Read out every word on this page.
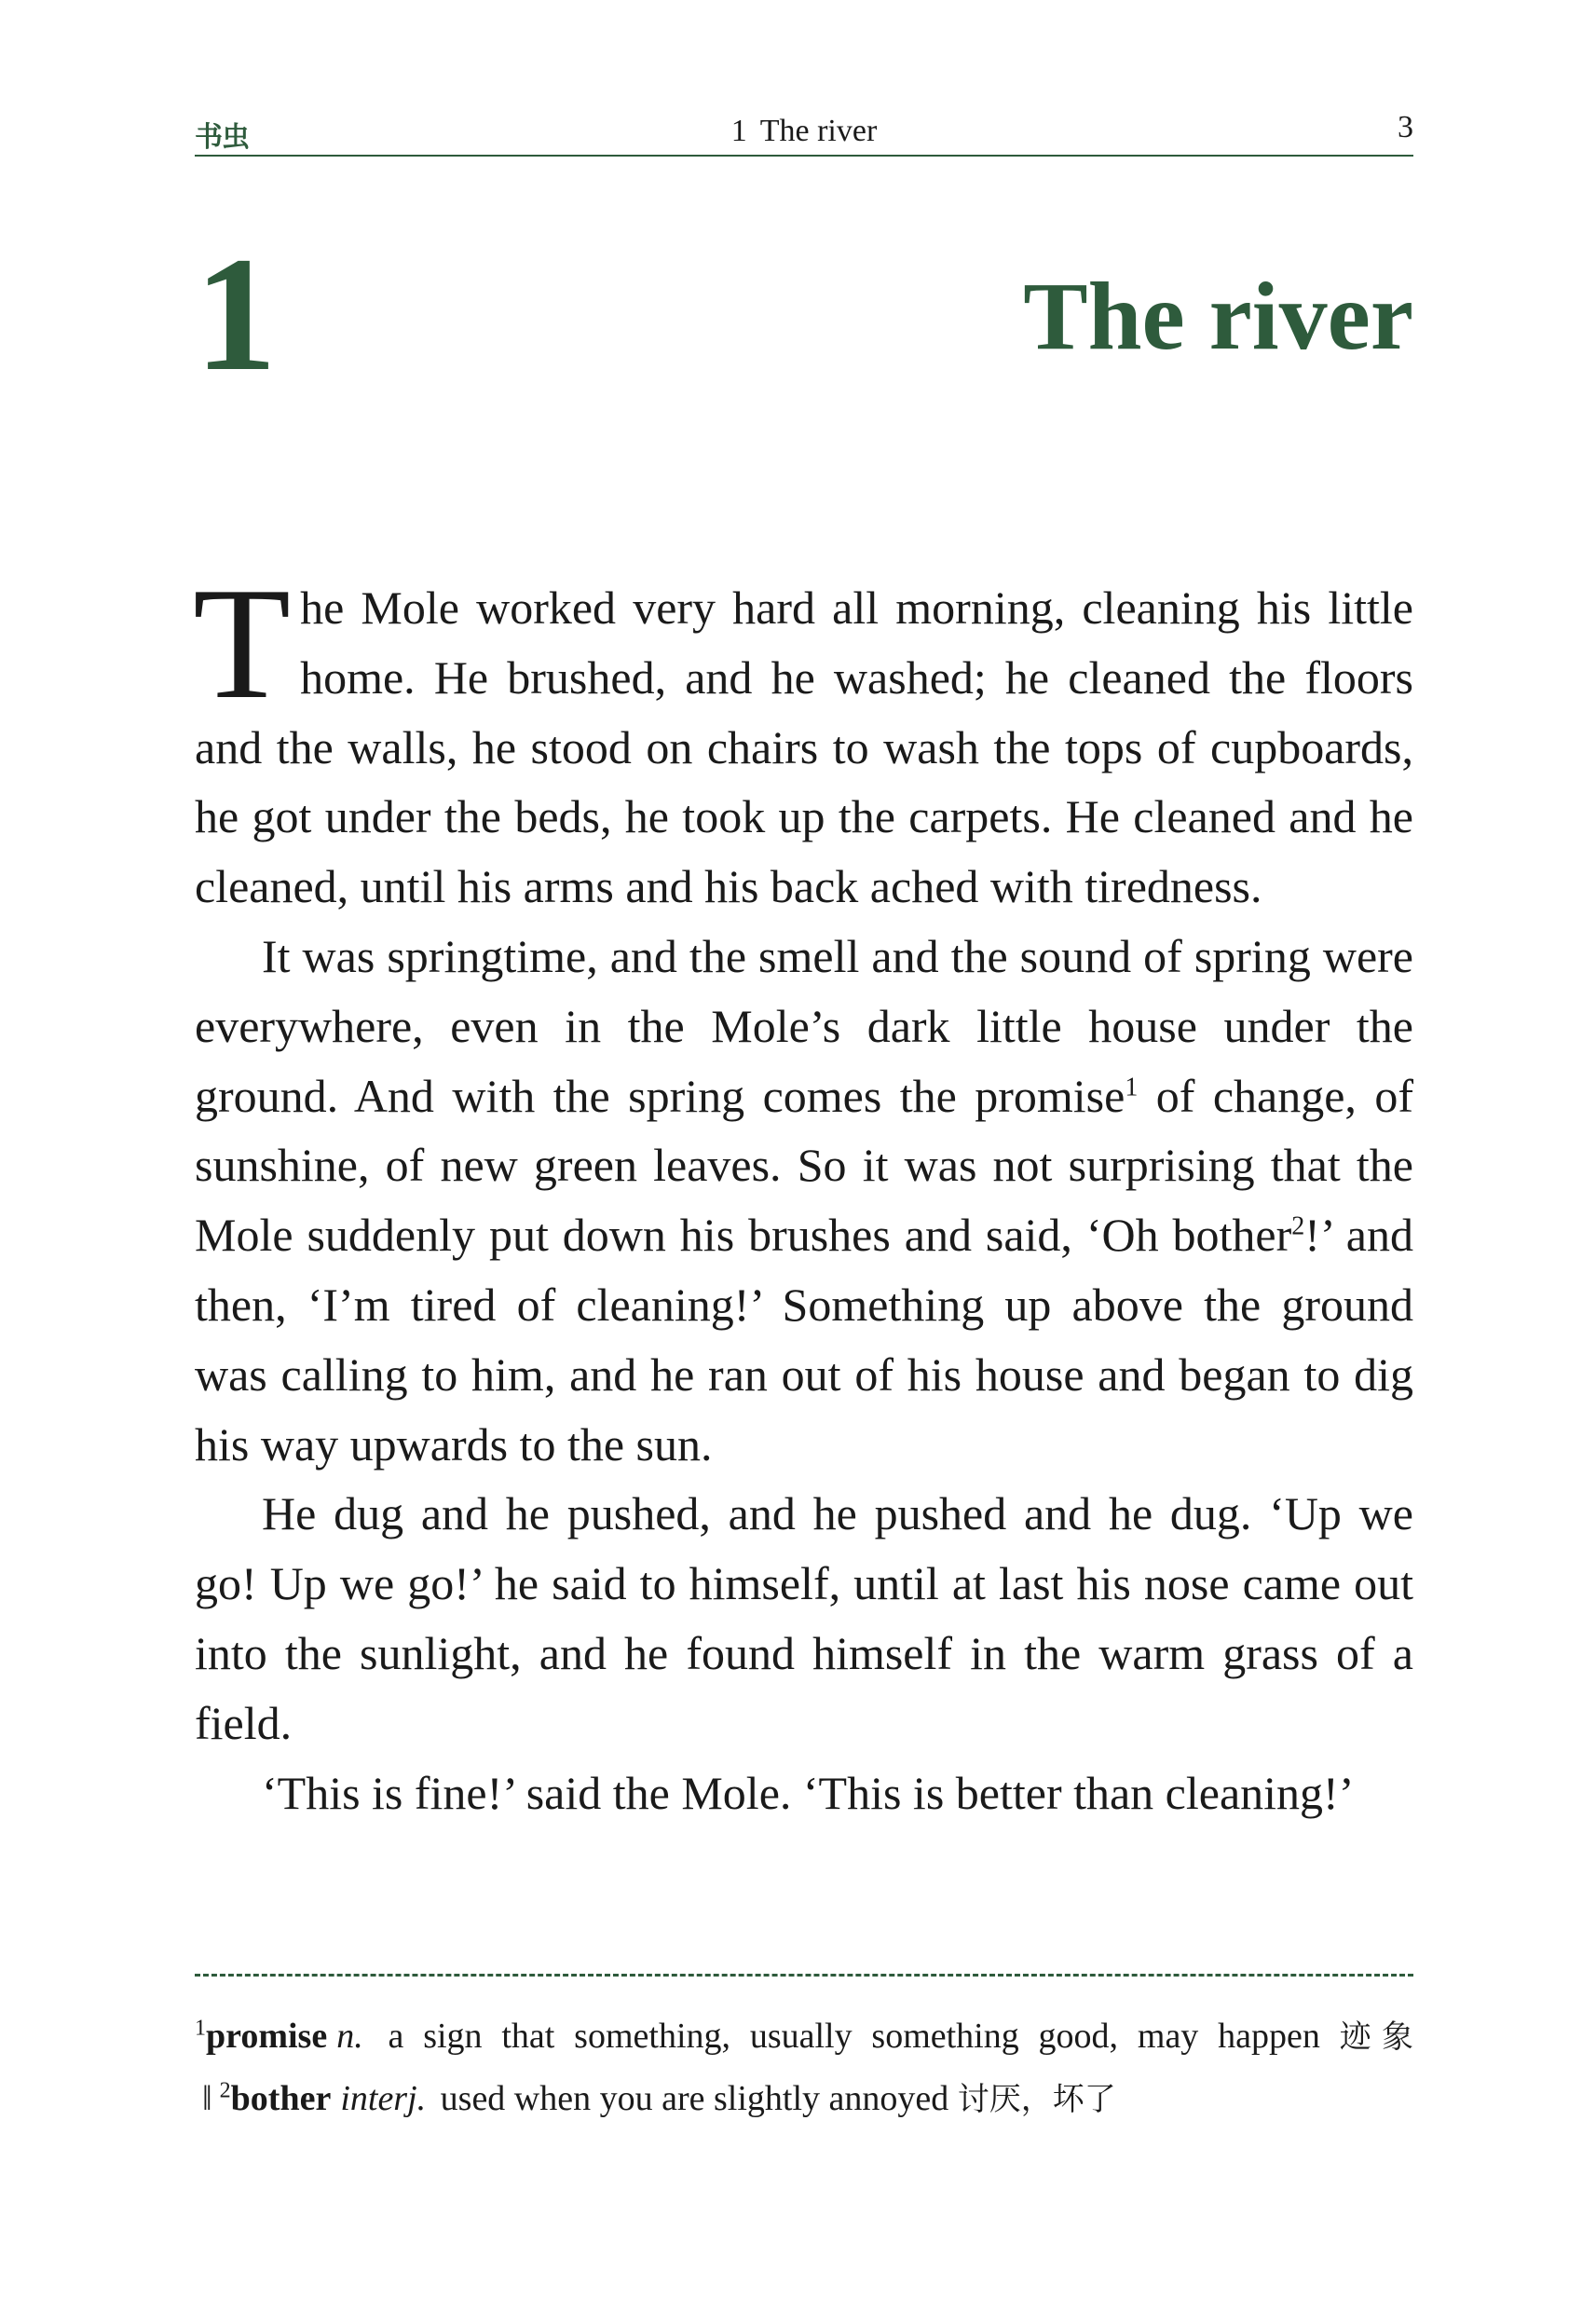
书虫	1 The river	3
1	The river

The Mole worked very hard all morning, cleaning his little home. He brushed, and he washed; he cleaned the floors and the walls, he stood on chairs to wash the tops of cupboards, he got under the beds, he took up the carpets. He cleaned and he cleaned, until his arms and his back ached with tiredness.

It was springtime, and the smell and the sound of spring were everywhere, even in the Mole’s dark little house under the ground. And with the spring comes the promise$^1$ of change, of sunshine, of new green leaves. So it was not surprising that the Mole suddenly put down his brushes and said, ‘Oh bother$^2$!’ and then, ‘I’m tired of cleaning!’ Something up above the ground was calling to him, and he ran out of his house and began to dig his way upwards to the sun.

He dug and he pushed, and he pushed and he dug. ‘Up we go! Up we go!’ he said to himself, until at last his nose came out into the sunlight, and he found himself in the warm grass of a field.

‘This is fine!’ said the Mole. ‘This is better than cleaning!’

$^1$promise n. a sign that something, usually something good, may happen 迹象‖ $^2$bother interj. used when you are slightly annoyed 讨厌，坏了
